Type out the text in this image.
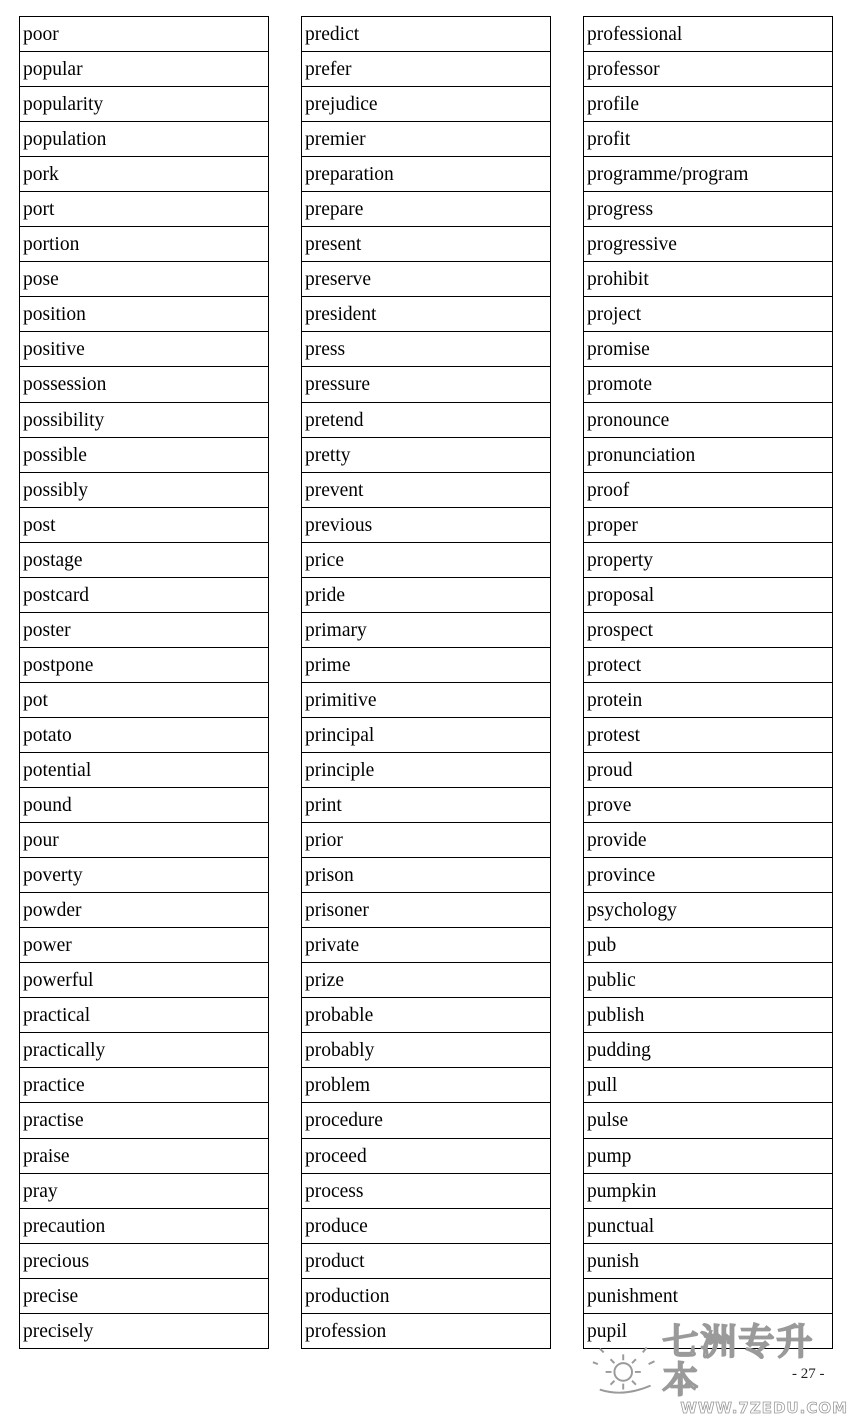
poor
popular
popularity
population
pork
port
portion
pose
position
positive
possession
possibility
possible
possibly
post
postage
postcard
poster
postpone
pot
potato
potential
pound
pour
poverty
powder
power
powerful
practical
practically
practice
practise
praise
pray
precaution
precious
precise
precisely
predict
prefer
prejudice
premier
preparation
prepare
present
preserve
president
press
pressure
pretend
pretty
prevent
previous
price
pride
primary
prime
primitive
principal
principle
print
prior
prison
prisoner
private
prize
probable
probably
problem
procedure
proceed
process
produce
product
production
profession
professional
professor
profile
profit
programme/program
progress
progressive
prohibit
project
promise
promote
pronounce
pronunciation
proof
proper
property
proposal
prospect
protect
protein
protest
proud
prove
provide
province
psychology
pub
public
publish
pudding
pull
pulse
pump
pumpkin
punctual
punish
punishment
pupil
- 27 -
七洲专升本
WWW.7ZEDU.COM
